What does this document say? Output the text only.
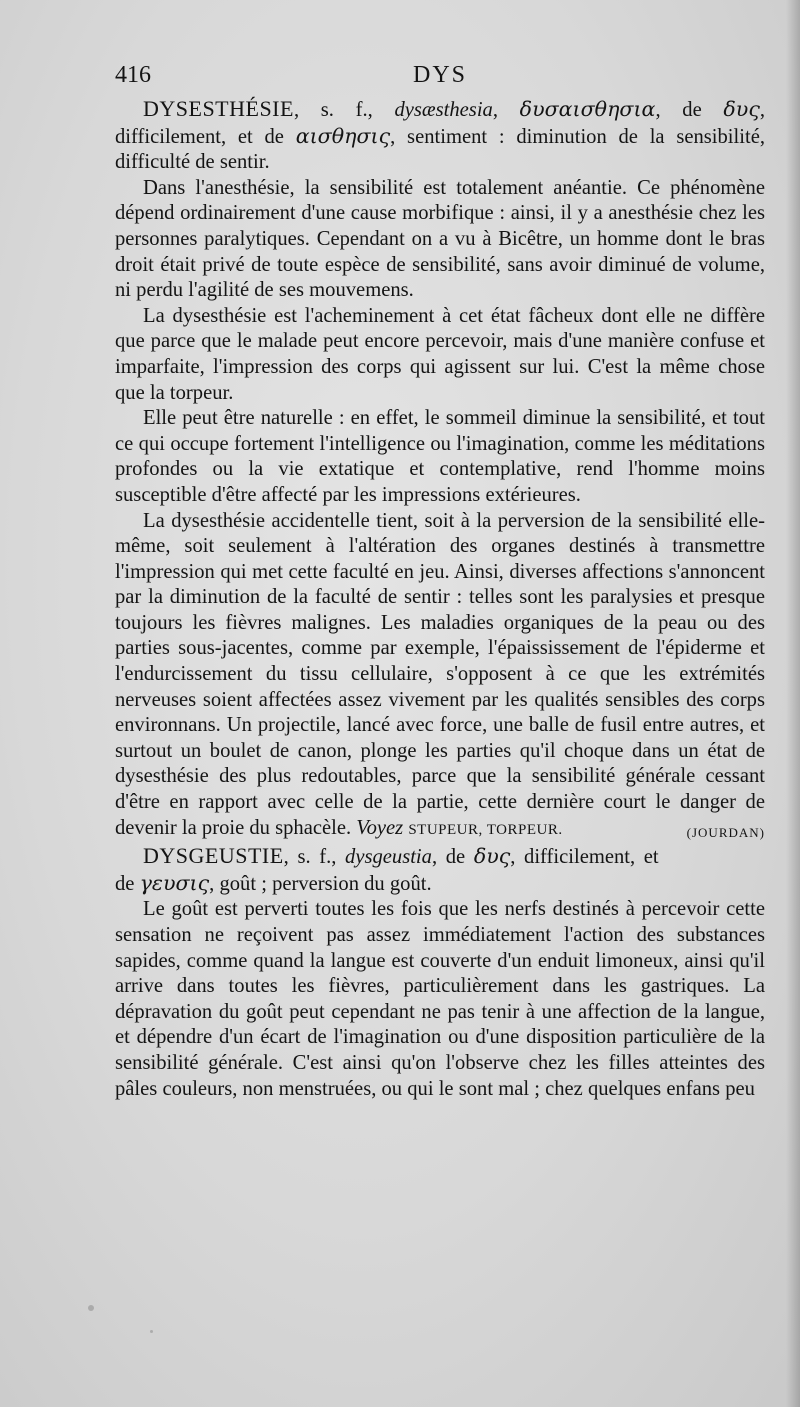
416	DYS

DYSESTHÉSIE, s. f., dysæsthesia, δυσαισθησια, de δυς, difficilement, et de αισθησις, sentiment : diminution de la sensibilité, difficulté de sentir.

Dans l'anesthésie, la sensibilité est totalement anéantie. Ce phénomène dépend ordinairement d'une cause morbifique : ainsi, il y a anesthésie chez les personnes paralytiques. Cependant on a vu à Bicêtre, un homme dont le bras droit était privé de toute espèce de sensibilité, sans avoir diminué de volume, ni perdu l'agilité de ses mouvemens.

La dysesthésie est l'acheminement à cet état fâcheux dont elle ne diffère que parce que le malade peut encore percevoir, mais d'une manière confuse et imparfaite, l'impression des corps qui agissent sur lui. C'est la même chose que la torpeur.

Elle peut être naturelle : en effet, le sommeil diminue la sensibilité, et tout ce qui occupe fortement l'intelligence ou l'imagination, comme les méditations profondes ou la vie extatique et contemplative, rend l'homme moins susceptible d'être affecté par les impressions extérieures.

La dysesthésie accidentelle tient, soit à la perversion de la sensibilité elle-même, soit seulement à l'altération des organes destinés à transmettre l'impression qui met cette faculté en jeu. Ainsi, diverses affections s'annoncent par la diminution de la faculté de sentir : telles sont les paralysies et presque toujours les fièvres malignes. Les maladies organiques de la peau ou des parties sous-jacentes, comme par exemple, l'épaississement de l'épiderme et l'endurcissement du tissu cellulaire, s'opposent à ce que les extrémités nerveuses soient affectées assez vivement par les qualités sensibles des corps environnans. Un projectile, lancé avec force, une balle de fusil entre autres, et surtout un boulet de canon, plonge les parties qu'il choque dans un état de dysesthésie des plus redoutables, parce que la sensibilité générale cessant d'être en rapport avec celle de la partie, cette dernière court le danger de devenir la proie du sphacèle. Voyez STUPEUR, TORPEUR.	(JOURDAN)

DYSGEUSTIE, s. f., dysgeustia, de δυς, difficilement, et de γευσις, goût ; perversion du goût.

Le goût est perverti toutes les fois que les nerfs destinés à percevoir cette sensation ne reçoivent pas assez immédiatement l'action des substances sapides, comme quand la langue est couverte d'un enduit limoneux, ainsi qu'il arrive dans toutes les fièvres, particulièrement dans les gastriques. La dépravation du goût peut cependant ne pas tenir à une affection de la langue, et dépendre d'un écart de l'imagination ou d'une disposition particulière de la sensibilité générale. C'est ainsi qu'on l'observe chez les filles atteintes des pâles couleurs, non menstruées, ou qui le sont mal ; chez quelques enfans peu
